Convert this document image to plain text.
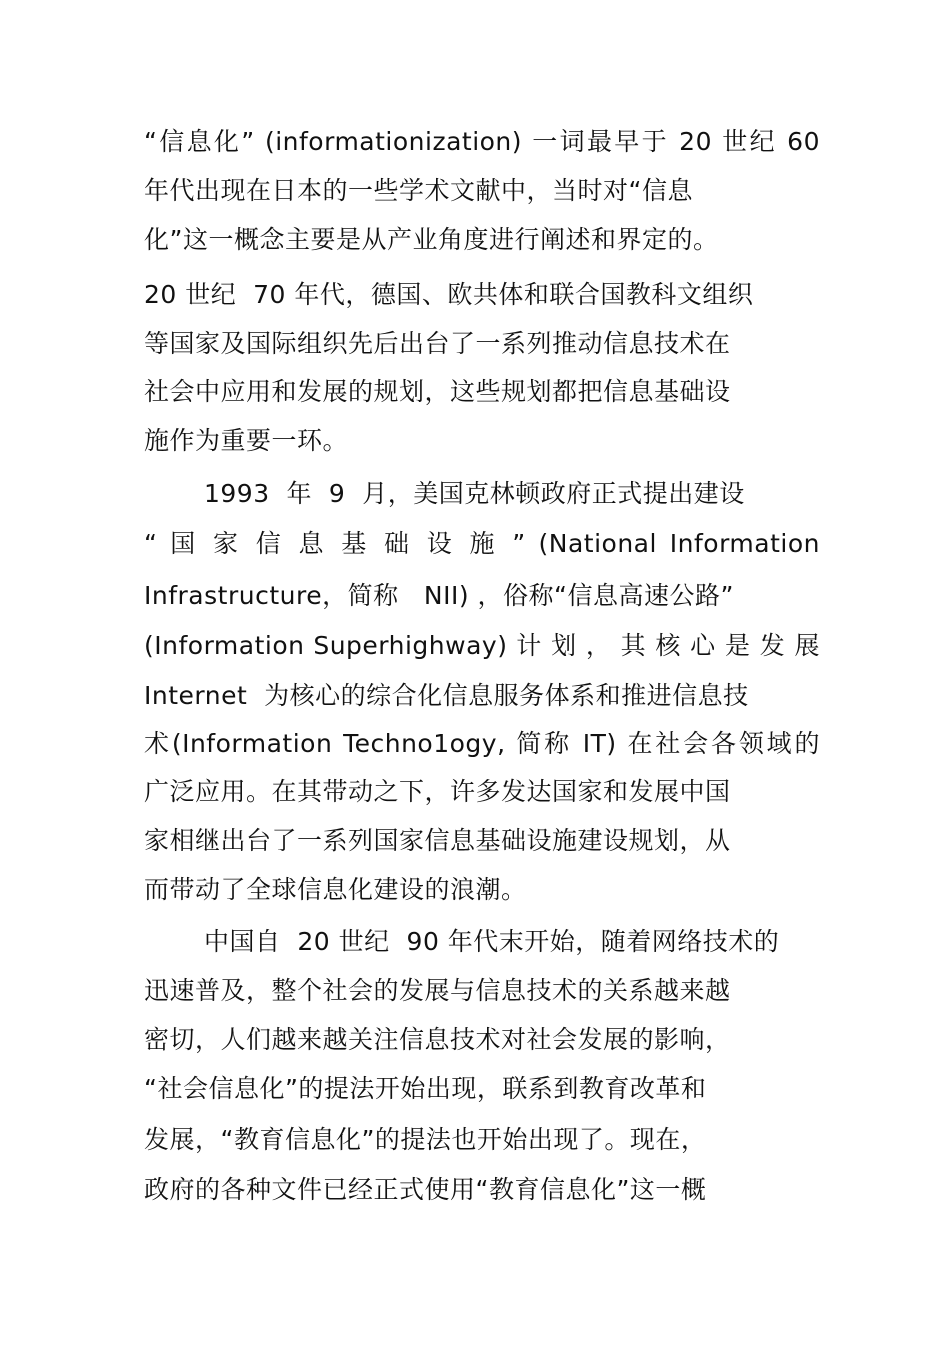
“信息化” (informationization) 一词最早于 20 世纪 60
年代出现在日本的一些学术文献中，当时对“信息
化”这一概念主要是从产业角度进行阐述和界定的。
20 世纪  70 年代，德国、欧共体和联合国教科文组织
等国家及国际组织先后出台了一系列推动信息技术在
社会中应用和发展的规划，这些规划都把信息基础设
施作为重要一环。
1993  年  9  月，美国克林顿政府正式提出建设
“ 国 家 信 息 基 础 设 施 ” (National Information
Infrastructure，简称   NII) ，俗称“信息高速公路”
(Information Superhighway) 计 划 ， 其 核 心 是 发 展
Internet  为核心的综合化信息服务体系和推进信息技
术(Information Techno1ogy, 简称 IT) 在社会各领域的
广泛应用。在其带动之下，许多发达国家和发展中国
家相继出台了一系列国家信息基础设施建设规划，从
而带动了全球信息化建设的浪潮。
中国自  20 世纪  90 年代末开始，随着网络技术的
迅速普及，整个社会的发展与信息技术的关系越来越
密切，人们越来越关注信息技术对社会发展的影响，
“社会信息化”的提法开始出现，联系到教育改革和
发展，“教育信息化”的提法也开始出现了。现在，
政府的各种文件已经正式使用“教育信息化”这一概
